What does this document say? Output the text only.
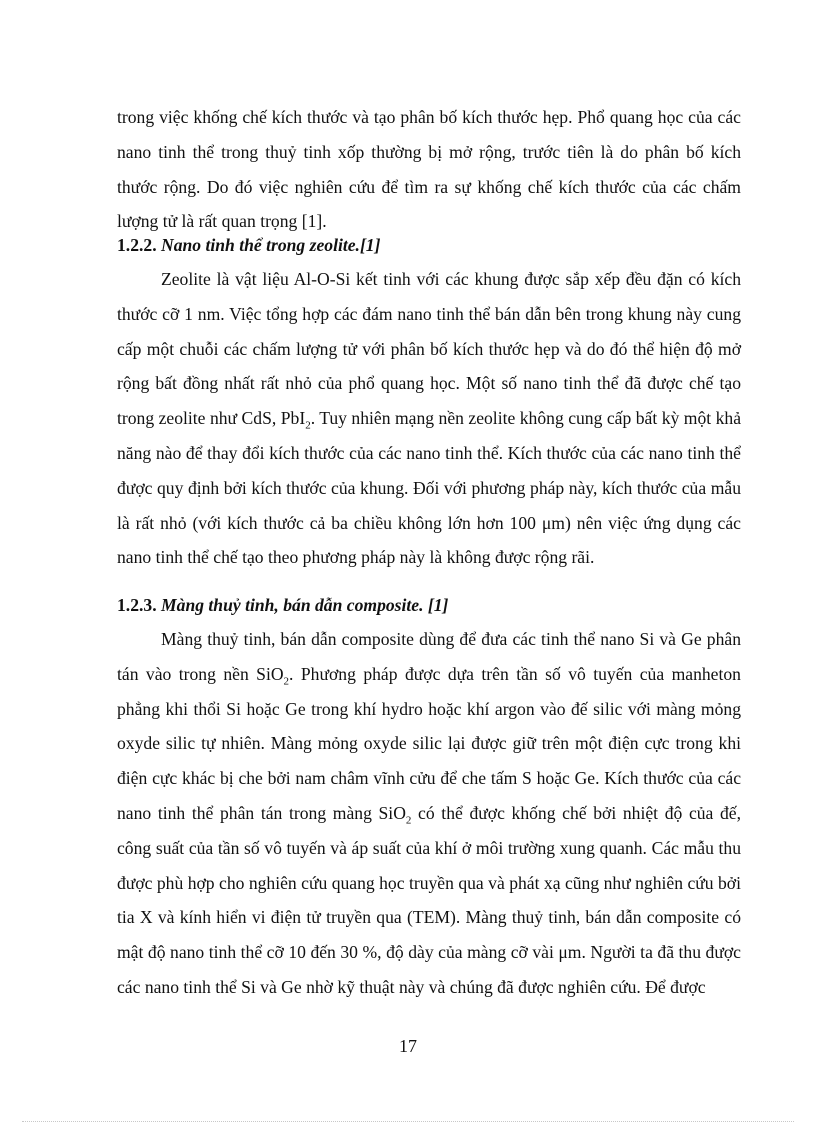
trong việc khống chế kích thước và tạo phân bố kích thước hẹp. Phổ quang học của các nano tinh thể trong thuỷ tinh xốp thường bị mở rộng, trước tiên là do phân bố kích thước rộng. Do đó việc nghiên cứu để tìm ra sự khống chế kích thước của các chấm lượng tử là rất quan trọng [1].

1.2.2. Nano tinh thể trong zeolite.[1]

Zeolite là vật liệu Al-O-Si kết tinh với các khung được sắp xếp đều đặn có kích thước cỡ 1 nm. Việc tổng hợp các đám nano tinh thể bán dẫn bên trong khung này cung cấp một chuỗi các chấm lượng tử với phân bố kích thước hẹp và do đó thể hiện độ mở rộng bất đồng nhất rất nhỏ của phổ quang học. Một số nano tinh thể đã được chế tạo trong zeolite như CdS, PbI$_2$. Tuy nhiên mạng nền zeolite không cung cấp bất kỳ một khả năng nào để thay đổi kích thước của các nano tinh thể. Kích thước của các nano tinh thể được quy định bởi kích thước của khung. Đối với phương pháp này, kích thước của mẫu là rất nhỏ (với kích thước cả ba chiều không lớn hơn 100 μm) nên việc ứng dụng các nano tinh thể chế tạo theo phương pháp này là không được rộng rãi.

1.2.3. Màng thuỷ tinh, bán dẫn composite. [1]

Màng thuỷ tinh, bán dẫn composite dùng để đưa các tinh thể nano Si và Ge phân tán vào trong nền SiO$_2$. Phương pháp được dựa trên tần số vô tuyến của manheton phẳng khi thổi Si hoặc Ge trong khí hydro hoặc khí argon vào đế silic với màng mỏng oxyde silic tự nhiên. Màng mỏng oxyde silic lại được giữ trên một điện cực trong khi điện cực khác bị che bởi nam châm vĩnh cửu để che tấm S hoặc Ge. Kích thước của các nano tinh thể phân tán trong màng SiO$_2$ có thể được khống chế bởi nhiệt độ của đế, công suất của tần số vô tuyến và áp suất của khí ở môi trường xung quanh. Các mẫu thu được phù hợp cho nghiên cứu quang học truyền qua và phát xạ cũng như nghiên cứu bởi tia X và kính hiển vi điện tử truyền qua (TEM). Màng thuỷ tinh, bán dẫn composite có mật độ nano tinh thể cỡ 10 đến 30 %, độ dày của màng cỡ vài μm. Người ta đã thu được các nano tinh thể Si và Ge nhờ kỹ thuật này và chúng đã được nghiên cứu. Để được

17
